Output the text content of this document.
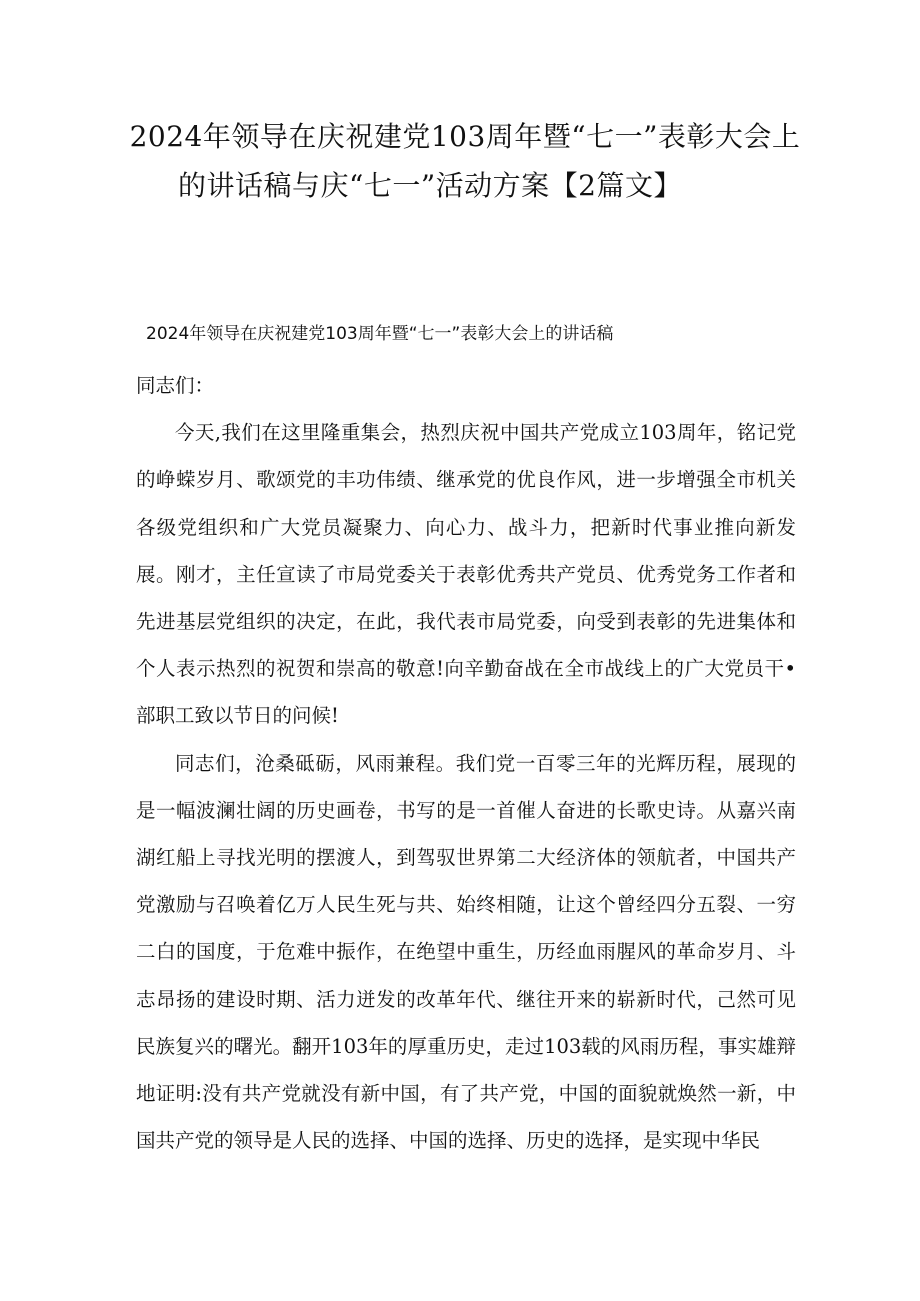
2024年领导在庆祝建党103周年暨“七一”表彰大会上
的讲话稿与庆“七一”活动方案【2篇文】
2024年领导在庆祝建党103周年暨“七一”表彰大会上的讲话稿

同志们：

今天,我们在这里隆重集会，热烈庆祝中国共产党成立103周年，铭记党的峥蝾岁月、歌颂党的丰功伟绩、继承党的优良作风，进一步增强全市机关各级党组织和广大党员凝聚力、向心力、战斗力，把新时代事业推向新发展。刚才，主任宣读了市局党委关于表彰优秀共产党员、优秀党务工作者和先进基层党组织的决定，在此，我代表市局党委，向受到表彰的先进集体和个人表示热烈的祝贺和崇高的敬意!向辛勤奋战在全市战线上的广大党员干•部职工致以节日的问候!

同志们，沧桑砥砺，风雨兼程。我们党一百零三年的光辉历程，展现的是一幅波澜壮阔的历史画卷，书写的是一首催人奋进的长歌史诗。从嘉兴南湖红船上寻找光明的摆渡人，到驾驭世界第二大经济体的领航者，中国共产党激励与召唤着亿万人民生死与共、始终相随，让这个曾经四分五裂、一穷二白的国度，于危难中振作，在绝望中重生，历经血雨腥风的革命岁月、斗志昂扬的建设时期、活力迸发的改革年代、继往开来的崭新时代，己然可见民族复兴的曙光。翻开103年的厚重历史，走过103载的风雨历程，事实雄辩地证明:没有共产党就没有新中国，有了共产党，中国的面貌就焕然一新，中国共产党的领导是人民的选择、中国的选择、历史的选择，是实现中华民
